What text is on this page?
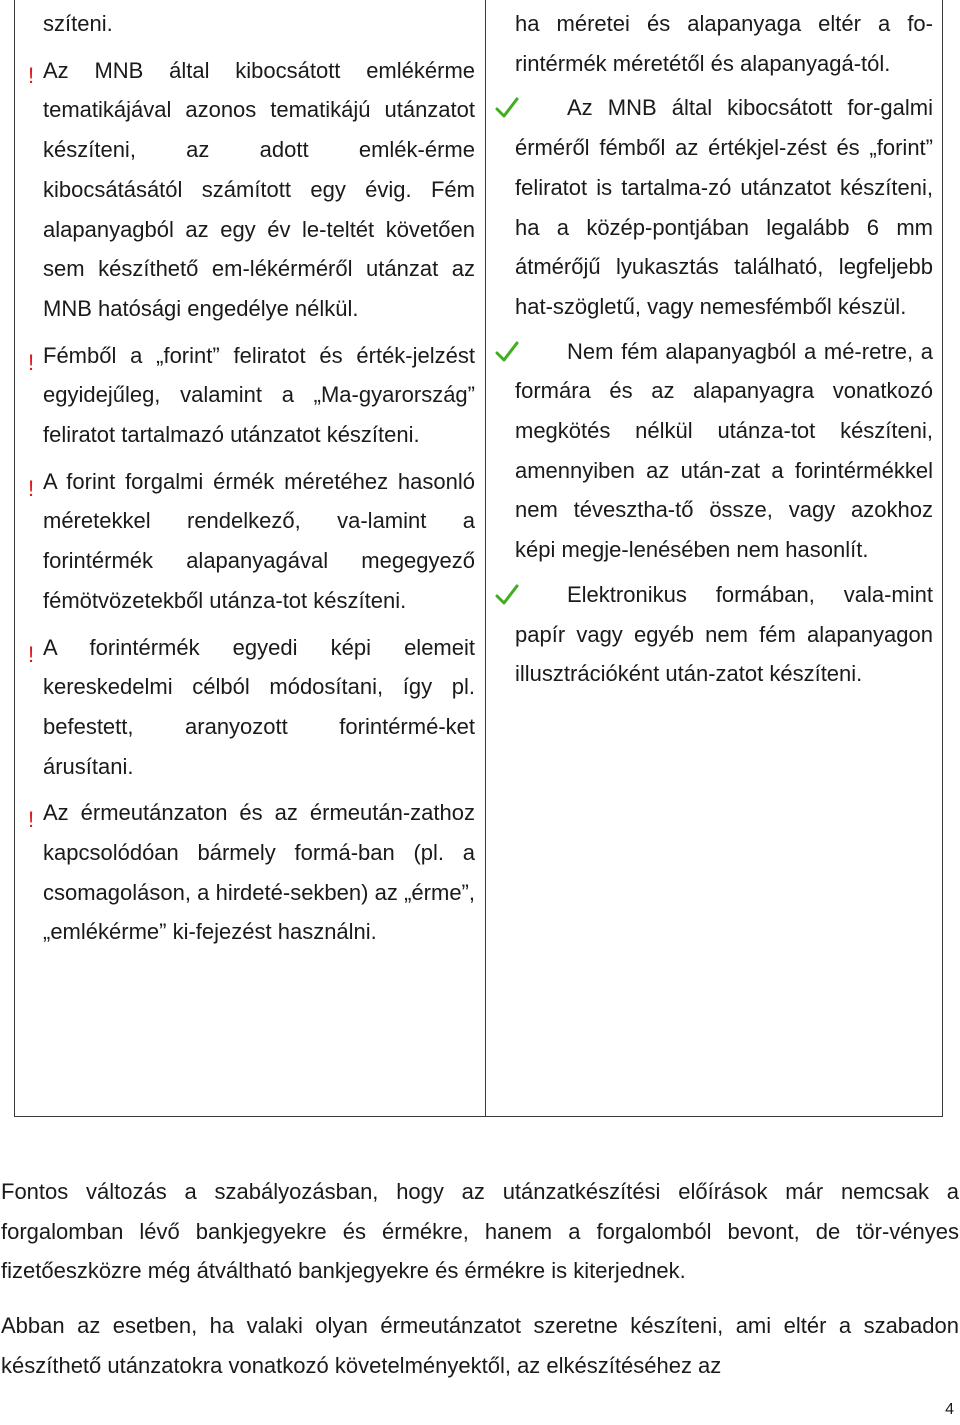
szíteni.

! Az MNB által kibocsátott emlékérme tematikájával azonos tematikájú utánzatot készíteni, az adott emlék-érme kibocsátásától számított egy évig. Fém alapanyagból az egy év le-teltét követően sem készíthető em-lékérméről utánzat az MNB hatósági engedélye nélkül.

! Fémből a „forint” feliratot és érték-jelzést egyidejűleg, valamint a „Ma-gyarország” feliratot tartalmazó utánzatot készíteni.

! A forint forgalmi érmék méretéhez hasonló méretekkel rendelkező, va-lamint a forintérmék alapanyagával megegyező fémötvözetekből utánza-tot készíteni.

! A forintérmék egyedi képi elemeit kereskedelmi célból módosítani, így pl. befestett, aranyozott forintérmé-ket árusítani.

! Az érmeutánzaton és az érmeután-zathoz kapcsolódóan bármely formá-ban (pl. a csomagoláson, a hirdeté-sekben) az „érme”, „emlékérme” ki-fejezést használni.

ha méretei és alapanyaga eltér a fo-rintérmék méretétől és alapanyagá-tól.

Az MNB által kibocsátott for-galmi érméről fémből az értékjel-zést és „forint” feliratot is tartalma-zó utánzatot készíteni, ha a közép-pontjában legalább 6 mm átmérőjű lyukasztás található, legfeljebb hat-szögletű, vagy nemesfémből készül.

Nem fém alapanyagból a mé-retre, a formára és az alapanyagra vonatkozó megkötés nélkül utánza-tot készíteni, amennyiben az után-zat a forintérmékkel nem tévesztha-tő össze, vagy azokhoz képi megje-lenésében nem hasonlít.

Elektronikus formában, vala-mint papír vagy egyéb nem fém alapanyagon illusztrációként után-zatot készíteni.

Fontos változás a szabályozásban, hogy az utánzatkészítési előírások már nemcsak a forgalomban lévő bankjegyekre és érmékre, hanem a forgalomból bevont, de tör-vényes fizetőeszközre még átváltható bankjegyekre és érmékre is kiterjednek.

Abban az esetben, ha valaki olyan érmeutánzatot szeretne készíteni, ami eltér a szabadon készíthető utánzatokra vonatkozó követelményektől, az elkészítéséhez az

4
